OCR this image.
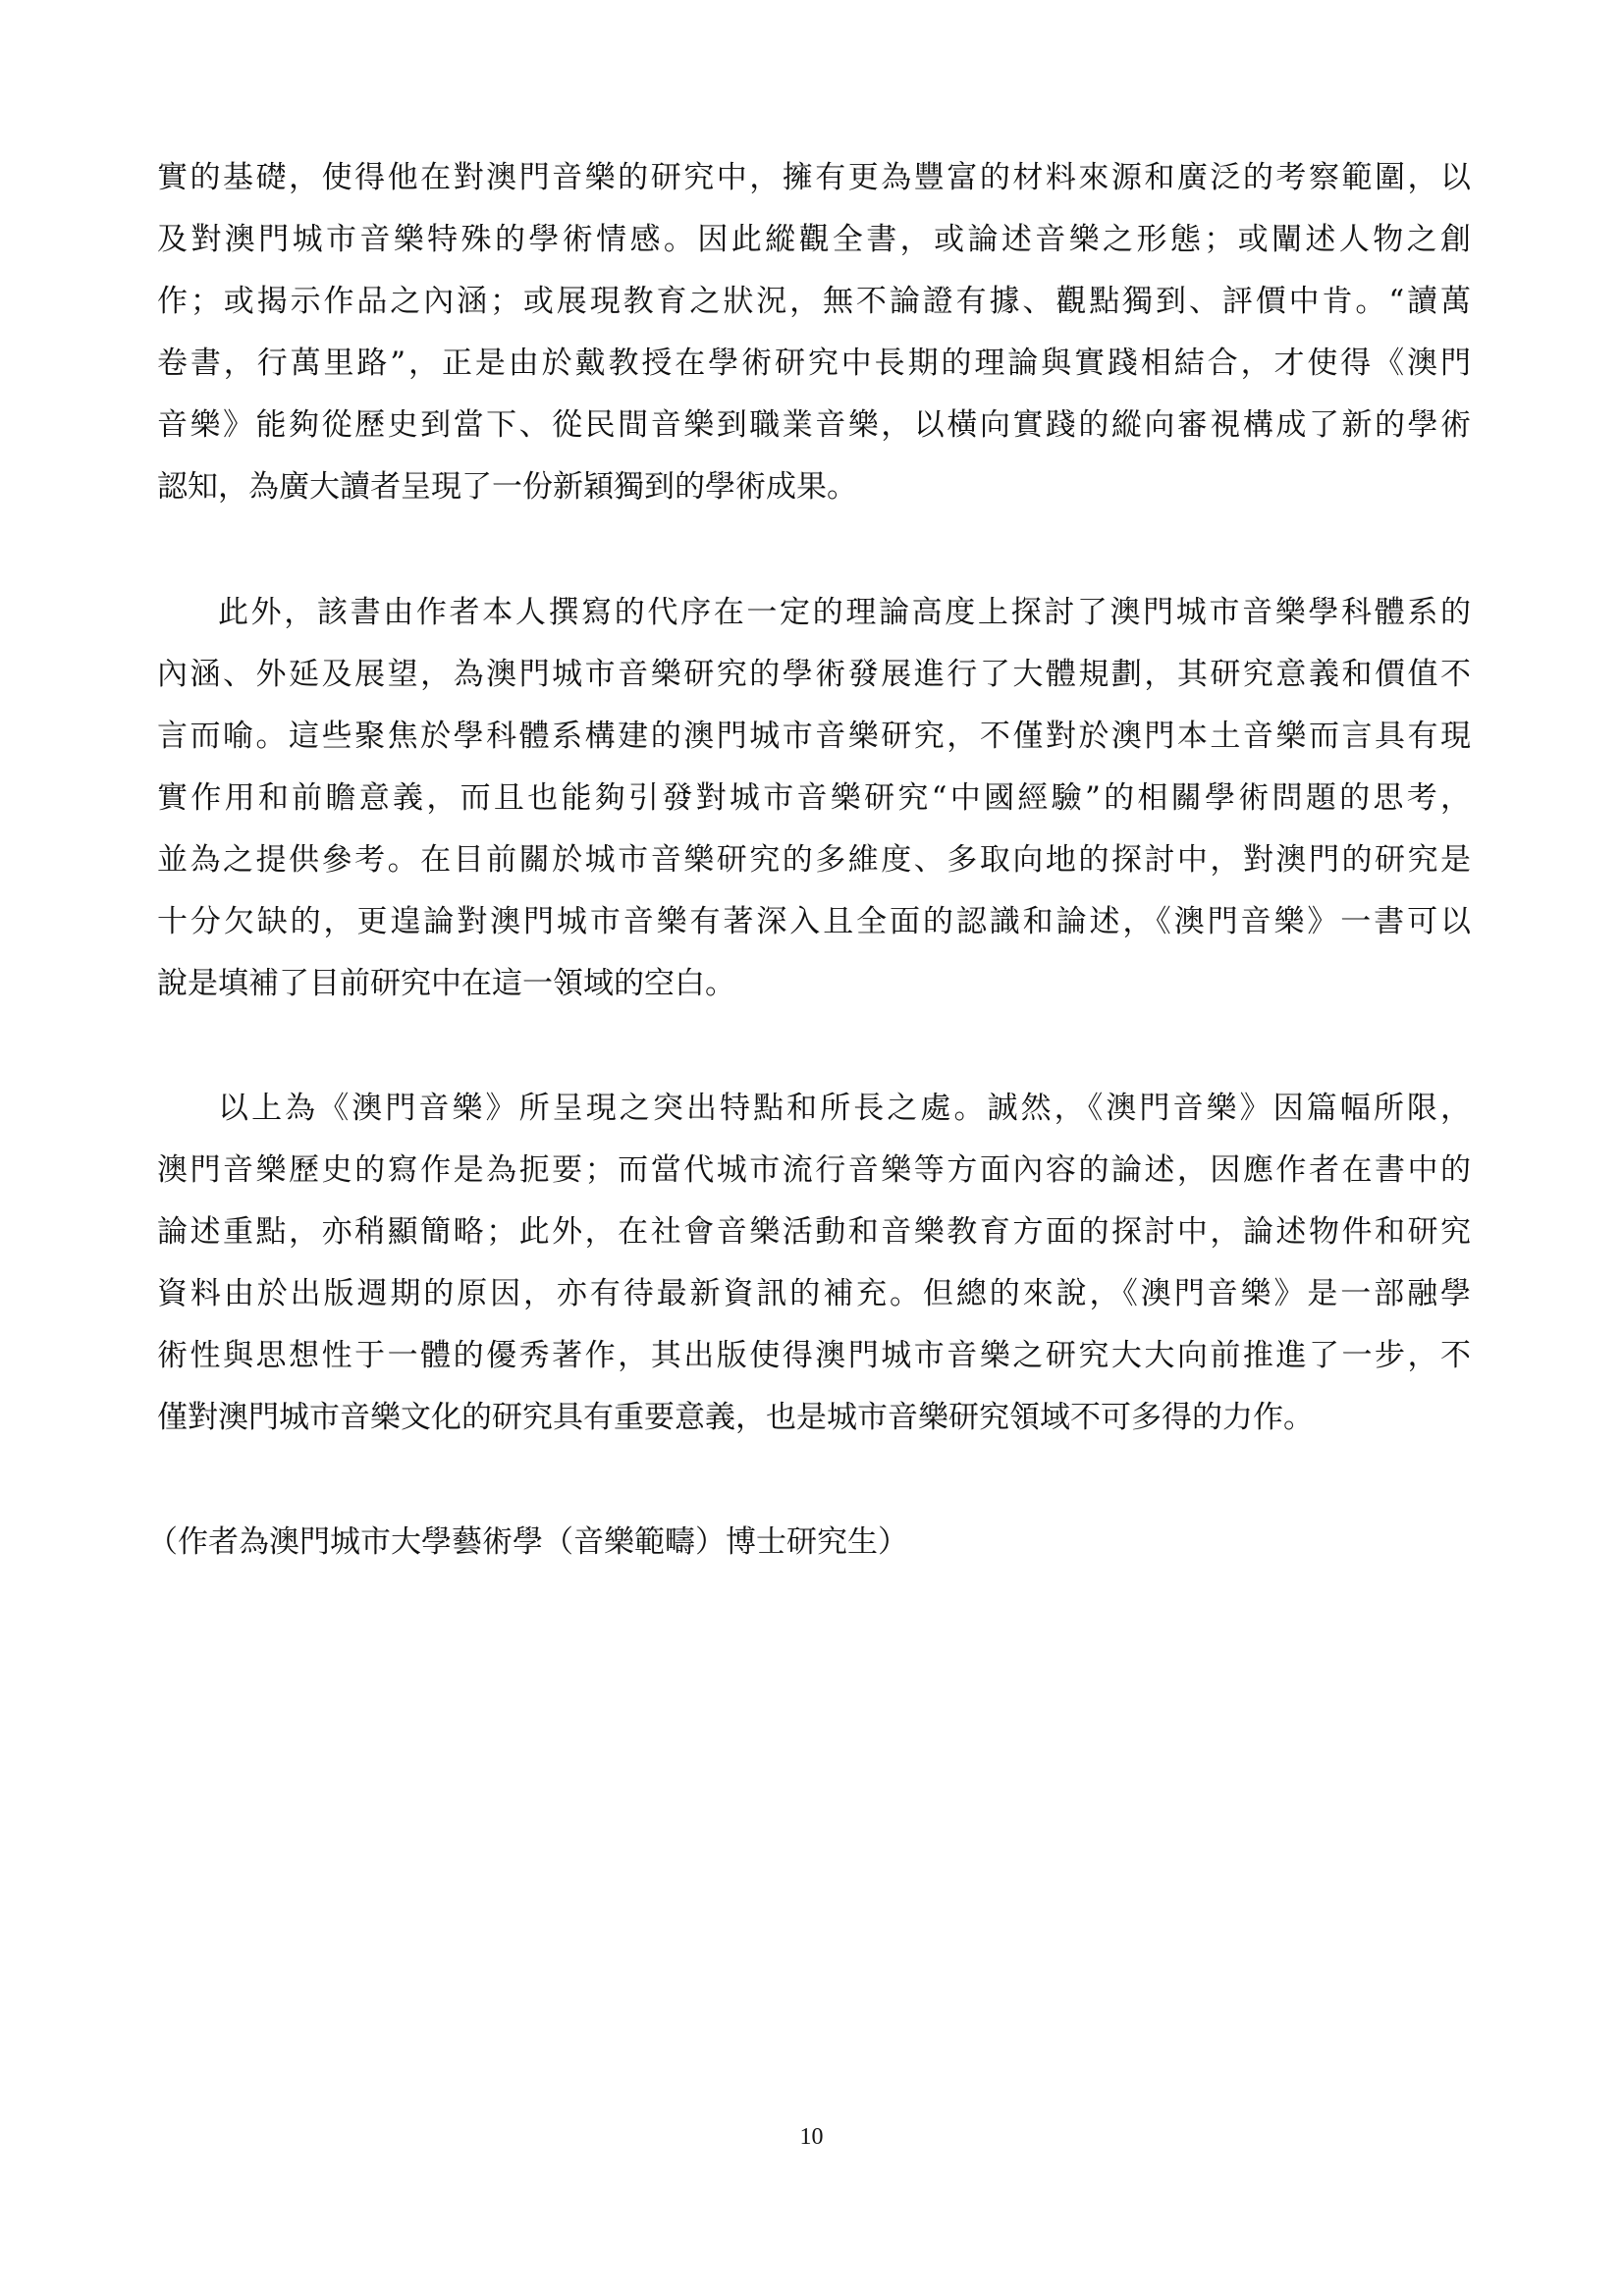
實的基礎，使得他在對澳門音樂的研究中，擁有更為豐富的材料來源和廣泛的考察範圍，以
及對澳門城市音樂特殊的學術情感。因此縱觀全書，或論述音樂之形態；或闡述人物之創
作；或揭示作品之內涵；或展現教育之狀況，無不論證有據、觀點獨到、評價中肯。“讀萬
卷書，行萬里路”，正是由於戴教授在學術研究中長期的理論與實踐相結合，才使得《澳門
音樂》能夠從歷史到當下、從民間音樂到職業音樂，以橫向實踐的縱向審視構成了新的學術
認知，為廣大讀者呈現了一份新穎獨到的學術成果。
此外，該書由作者本人撰寫的代序在一定的理論高度上探討了澳門城市音樂學科體系的
內涵、外延及展望，為澳門城市音樂研究的學術發展進行了大體規劃，其研究意義和價值不
言而喻。這些聚焦於學科體系構建的澳門城市音樂研究，不僅對於澳門本土音樂而言具有現
實作用和前瞻意義，而且也能夠引發對城市音樂研究“中國經驗”的相關學術問題的思考，
並為之提供參考。在目前關於城市音樂研究的多維度、多取向地的探討中，對澳門的研究是
十分欠缺的，更遑論對澳門城市音樂有著深入且全面的認識和論述，《澳門音樂》一書可以
說是填補了目前研究中在這一領域的空白。
以上為《澳門音樂》所呈現之突出特點和所長之處。誠然，《澳門音樂》因篇幅所限，
澳門音樂歷史的寫作是為扼要；而當代城市流行音樂等方面內容的論述，因應作者在書中的
論述重點，亦稍顯簡略；此外，在社會音樂活動和音樂教育方面的探討中，論述物件和研究
資料由於出版週期的原因，亦有待最新資訊的補充。但總的來說，《澳門音樂》是一部融學
術性與思想性于一體的優秀著作，其出版使得澳門城市音樂之研究大大向前推進了一步，不
僅對澳門城市音樂文化的研究具有重要意義，也是城市音樂研究領域不可多得的力作。

（作者為澳門城市大學藝術學（音樂範疇）博士研究生）

10
